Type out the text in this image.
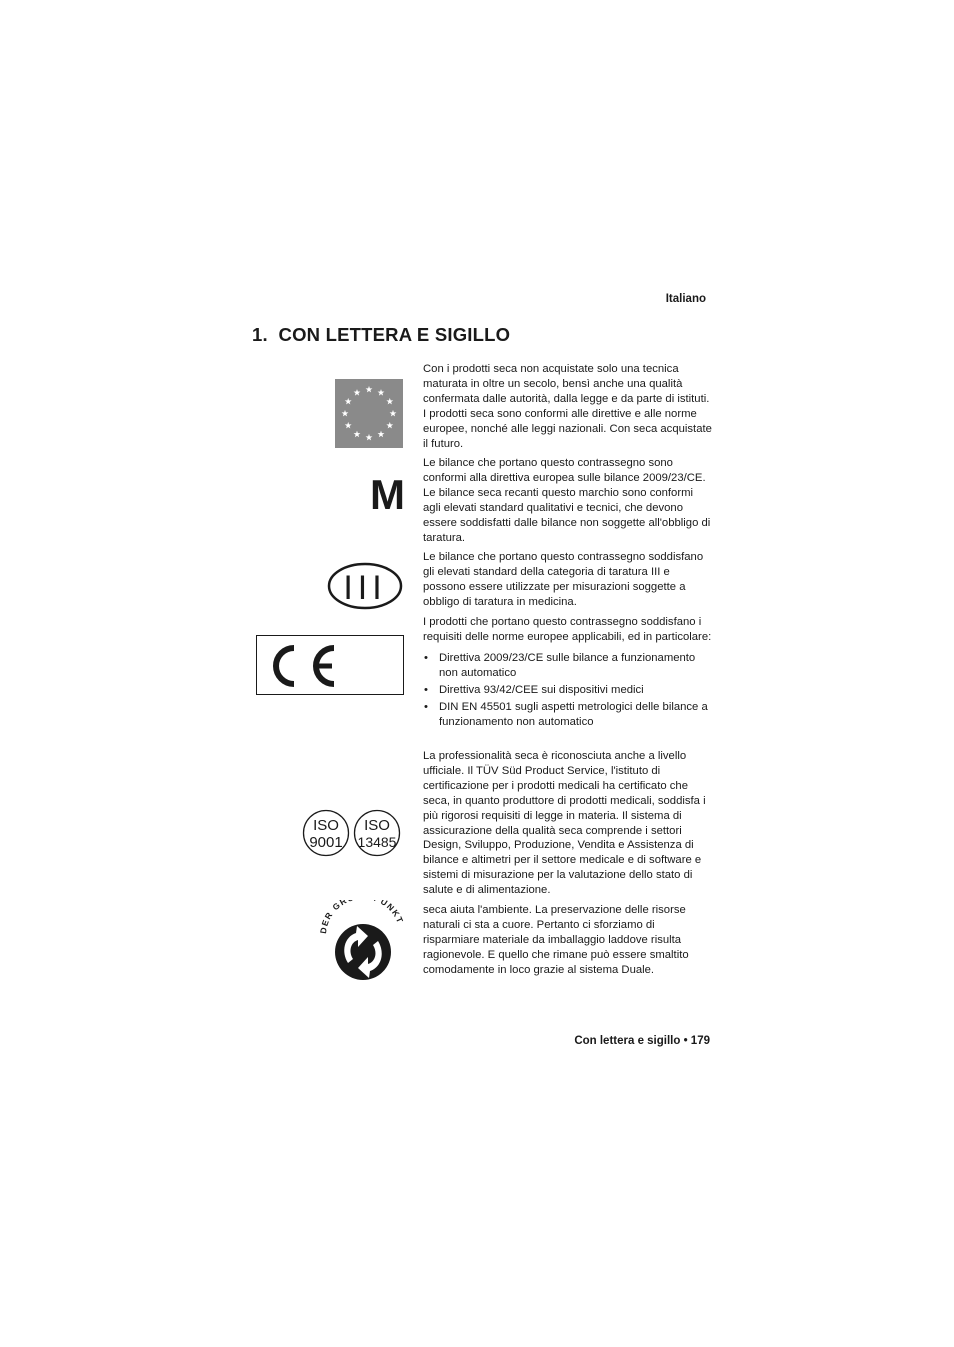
Italiano
1. CON LETTERA E SIGILLO

Con i prodotti seca non acquistate solo una tecnica maturata in oltre un secolo, bensì anche una qualità confermata dalle autorità, dalla legge e da parte di istituti. I prodotti seca sono conformi alle direttive e alle norme europee, nonché alle leggi nazionali. Con seca acquistate il futuro.

Le bilance che portano questo contrassegno sono conformi alla direttiva europea sulle bilance 2009/23/CE. Le bilance seca recanti questo marchio sono conformi agli elevati standard qualitativi e tecnici, che devono essere soddisfatti dalle bilance non soggette all'obbligo di taratura.

Le bilance che portano questo contrassegno soddisfano gli elevati standard della categoria di taratura III e possono essere utilizzate per misurazioni soggette a obbligo di taratura in medicina.

I prodotti che portano questo contrassegno soddisfano i requisiti delle norme europee applicabili, ed in particolare:

• Direttiva 2009/23/CE sulle bilance a funzionamento non automatico
• Direttiva 93/42/CEE sui dispositivi medici
• DIN EN 45501 sugli aspetti metrologici delle bilance a funzionamento non automatico

La professionalità seca è riconosciuta anche a livello ufficiale. Il TÜV Süd Product Service, l'istituto di certificazione per i prodotti medicali ha certificato che seca, in quanto produttore di prodotti medicali, soddisfa i più rigorosi requisiti di legge in materia. Il sistema di assicurazione della qualità seca comprende i settori Design, Sviluppo, Produzione, Vendita e Assistenza di bilance e altimetri per il settore medicale e di software e sistemi di misurazione per la valutazione dello stato di salute e di alimentazione.

seca aiuta l'ambiente. La preservazione delle risorse naturali ci sta a cuore. Pertanto ci sforziamo di risparmiare materiale da imballaggio laddove risulta ragionevole. E quello che rimane può essere smaltito comodamente in loco grazie al sistema Duale.

M
III
ISO
9001
ISO
13485
ER GR UNKT
Con lettera e sigillo • 179
